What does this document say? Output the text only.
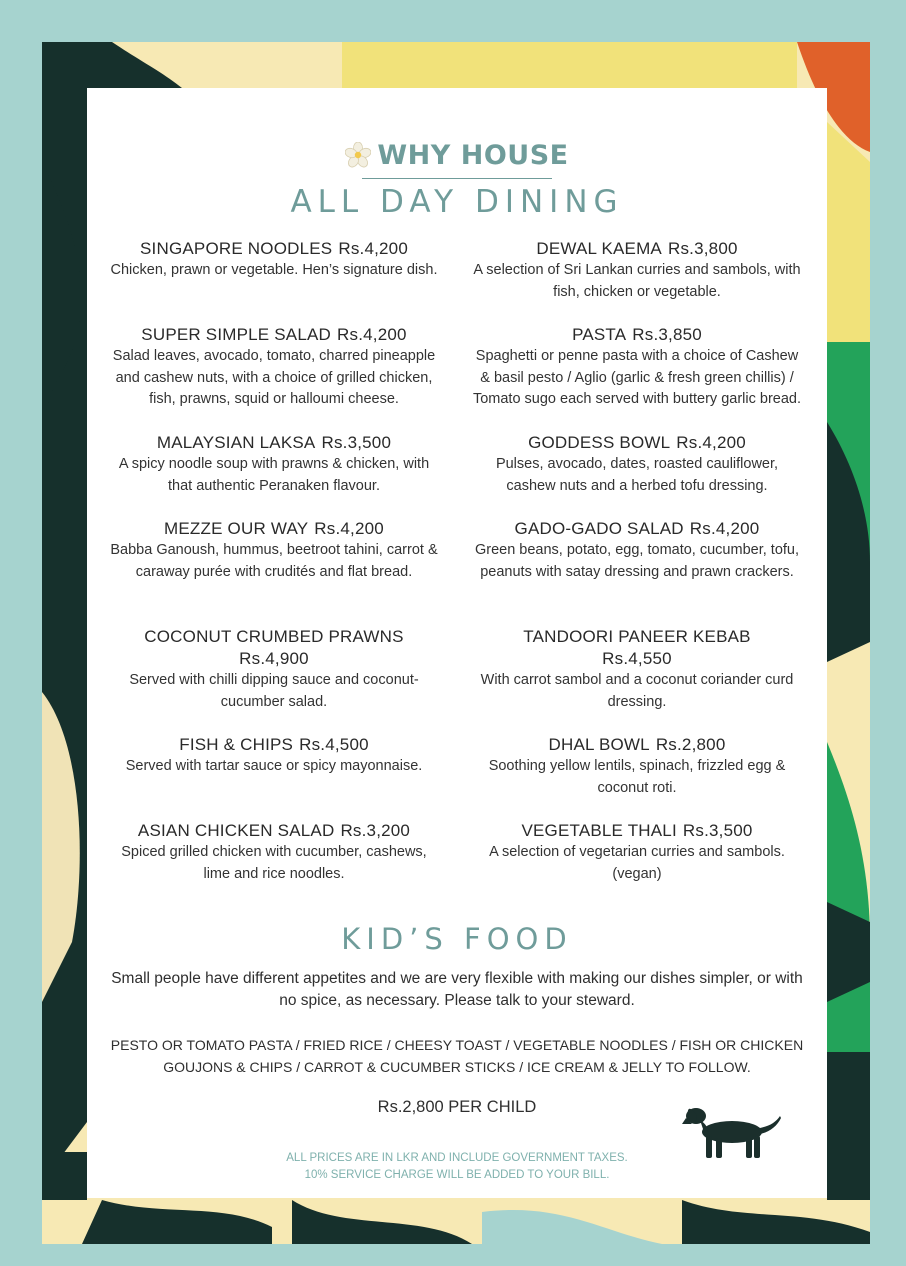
WHY HOUSE
ALL DAY DINING
SINGAPORE NOODLES Rs.4,200
Chicken, prawn or vegetable. Hen’s signature dish.
SUPER SIMPLE SALAD Rs.4,200
Salad leaves, avocado, tomato, charred pineapple and cashew nuts, with a choice of grilled chicken, fish, prawns, squid or halloumi cheese.
MALAYSIAN LAKSA Rs.3,500
A spicy noodle soup with prawns & chicken, with that authentic Peranaken flavour.
MEZZE OUR WAY Rs.4,200
Babba Ganoush, hummus, beetroot tahini, carrot & caraway purée with crudités and flat bread.
COCONUT CRUMBED PRAWNS
Rs.4,900
Served with chilli dipping sauce and coconut-cucumber salad.
FISH & CHIPS Rs.4,500
Served with tartar sauce or spicy mayonnaise.
ASIAN CHICKEN SALAD Rs.3,200
Spiced grilled chicken with cucumber, cashews, lime and rice noodles.
DEWAL KAEMA Rs.3,800
A selection of Sri Lankan curries and sambols, with fish, chicken or vegetable.
PASTA Rs.3,850
Spaghetti or penne pasta with a choice of Cashew & basil pesto / Aglio (garlic & fresh green chillis) / Tomato sugo each served with buttery garlic bread.
GODDESS BOWL Rs.4,200
Pulses, avocado, dates, roasted cauliflower, cashew nuts and a herbed tofu dressing.
GADO-GADO SALAD Rs.4,200
Green beans, potato, egg, tomato, cucumber, tofu, peanuts with satay dressing and prawn crackers.
TANDOORI PANEER KEBAB
Rs.4,550
With carrot sambol and a coconut coriander curd dressing.
DHAL BOWL Rs.2,800
Soothing yellow lentils, spinach, frizzled egg & coconut roti.
VEGETABLE THALI Rs.3,500
A selection of vegetarian curries and sambols. (vegan)
KID’S FOOD
Small people have different appetites and we are very flexible with making our dishes simpler, or with no spice, as necessary. Please talk to your steward.
PESTO OR TOMATO PASTA / FRIED RICE / CHEESY TOAST / VEGETABLE NOODLES / FISH OR CHICKEN GOUJONS & CHIPS / CARROT & CUCUMBER STICKS / ICE CREAM & JELLY TO FOLLOW.
Rs.2,800 PER CHILD
ALL PRICES ARE IN LKR AND INCLUDE GOVERNMENT TAXES.
10% SERVICE CHARGE WILL BE ADDED TO YOUR BILL.
